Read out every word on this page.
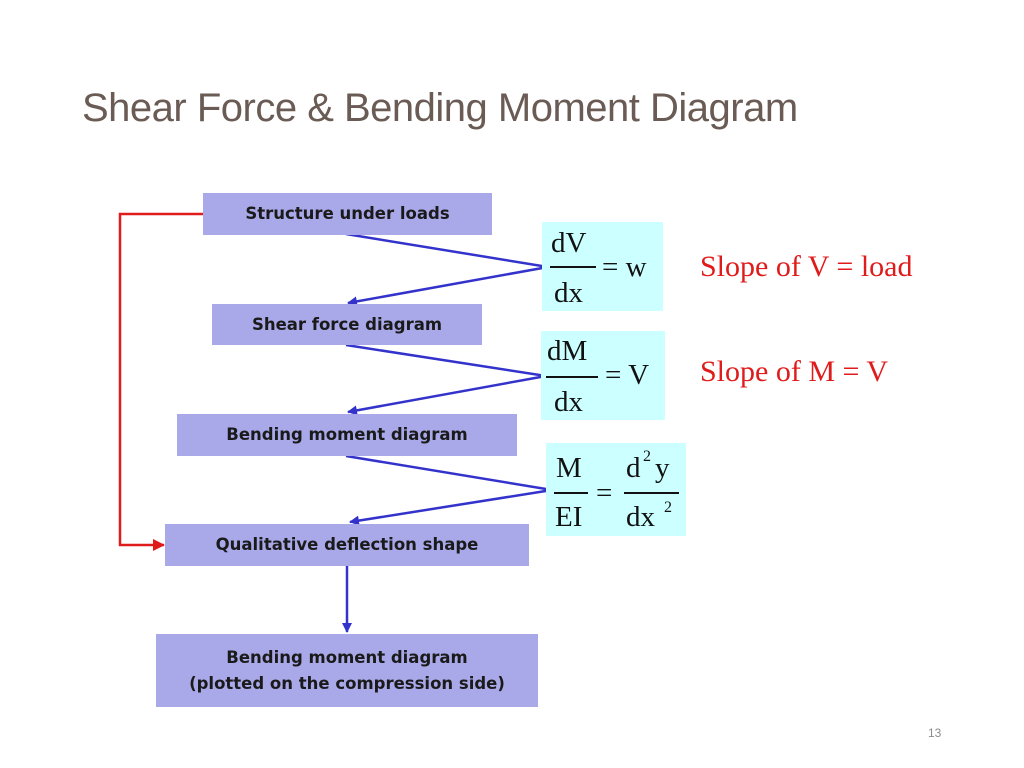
Shear Force & Bending Moment Diagram
Structure under loads
Shear force diagram
Bending moment diagram
Qualitative deflection shape
Bending moment diagram
(plotted on the compression side)
dV
dx
= w
dM
dx
= V
M
EI
=
d 2 y
dx 2
Slope of V = load
Slope of M = V
13
